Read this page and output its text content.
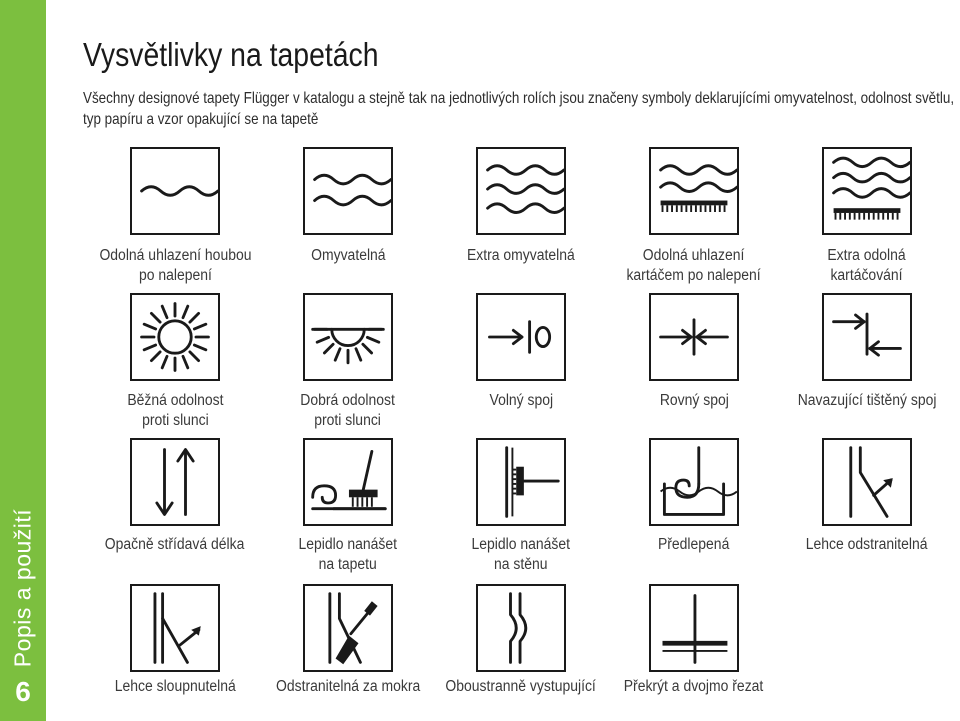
Popis a použití
6
Vysvětlivky na tapetách

Všechny designové tapety Flügger v katalogu a stejně tak na jednotlivých rolích jsou značeny symboly deklarujícími omyvatelnost, odolnost světlu, typ papíru a vzor opakující se na tapetě

Odolná uhlazení houbou
po nalepení
Omyvatelná	Extra omyvatelná	Odolná uhlazení
kartáčem po nalepení
Extra odolná
kartáčování
Běžná odolnost
proti slunci
Dobrá odolnost
proti slunci
Volný spoj	Rovný spoj	Navazující tištěný spoj
Opačně střídavá délka	Lepidlo nanášet
na tapetu
Lepidlo nanášet
na stěnu
Předlepená	Lehce odstranitelná
Lehce sloupnutelná	Odstranitelná za mokra	Oboustranně vystupující	Překrýt a dvojmo řezat
